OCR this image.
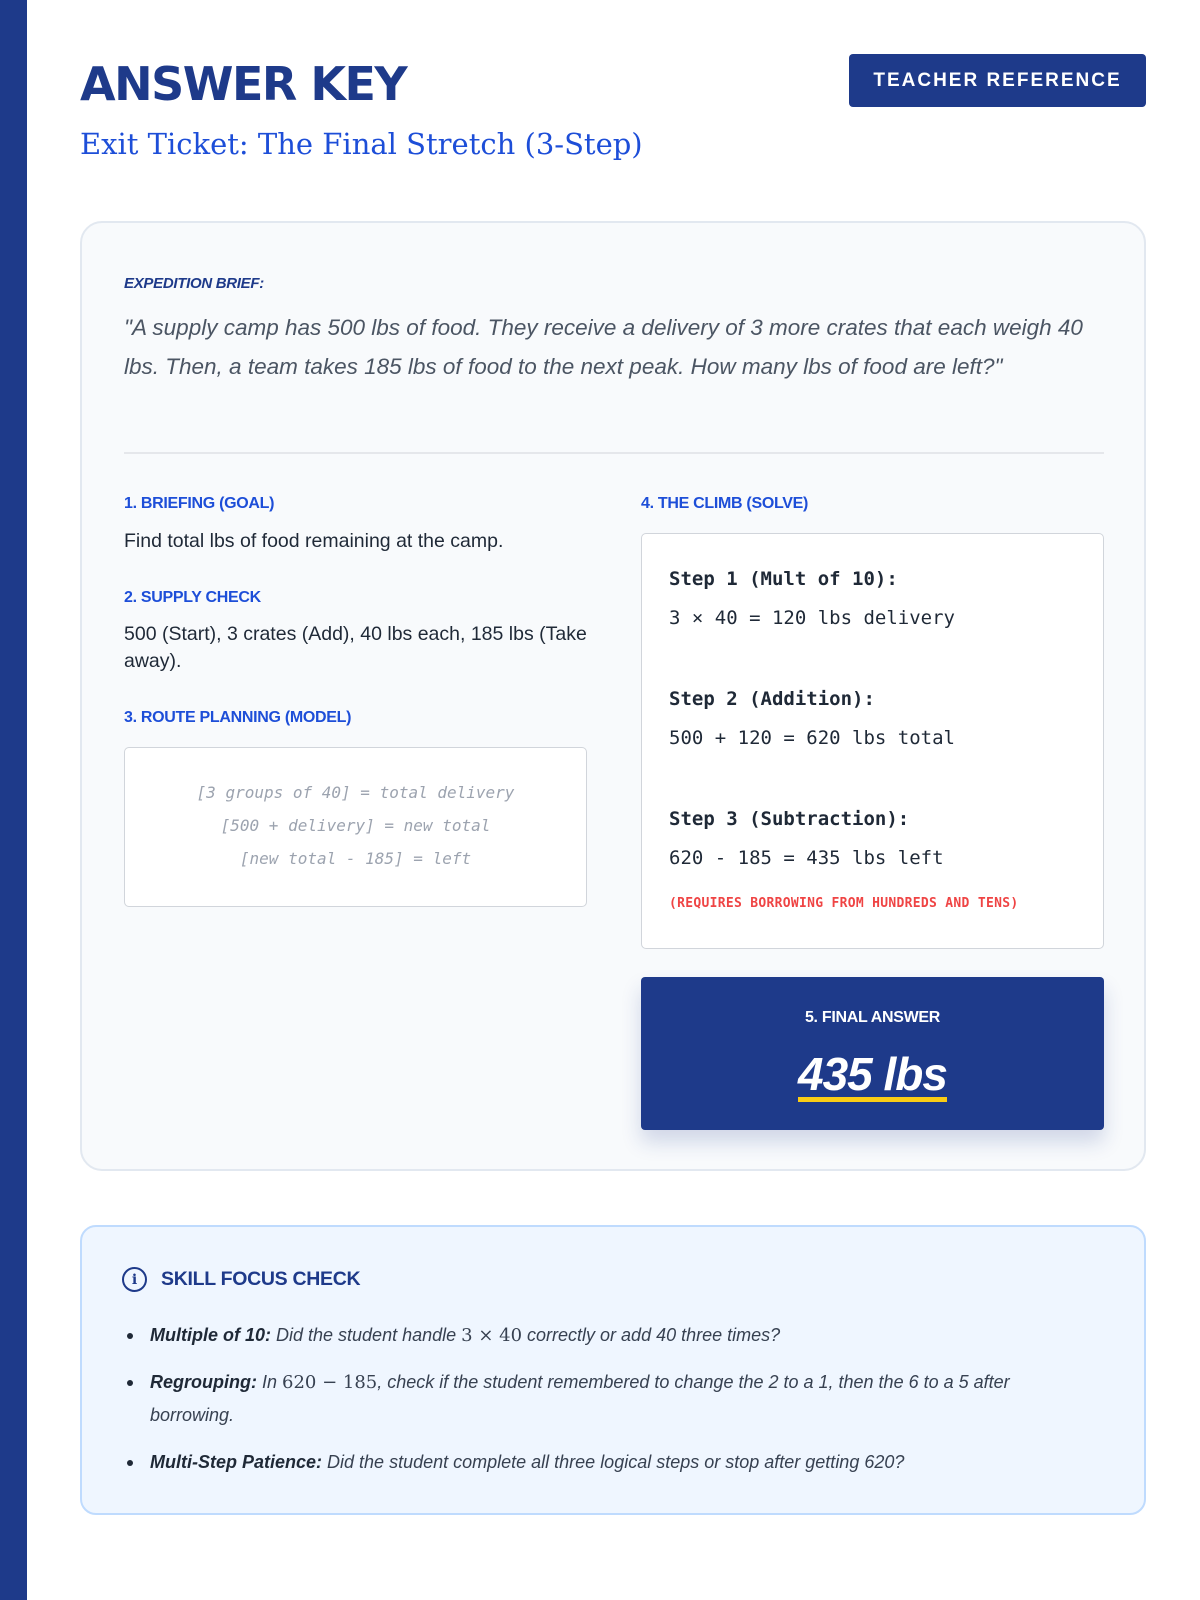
ANSWER KEY
Exit Ticket: The Final Stretch (3-Step)
TEACHER REFERENCE
EXPEDITION BRIEF:
"A supply camp has 500 lbs of food. They receive a delivery of 3 more crates that each weigh 40 lbs. Then, a team takes 185 lbs of food to the next peak. How many lbs of food are left?"
1. BRIEFING (GOAL)
Find total lbs of food remaining at the camp.
2. SUPPLY CHECK
500 (Start), 3 crates (Add), 40 lbs each, 185 lbs (Take away).
3. ROUTE PLANNING (MODEL)
[3 groups of 40] = total delivery
[500 + delivery] = new total
[new total - 185] = left
4. THE CLIMB (SOLVE)
Step 1 (Mult of 10):
3 × 40 = 120 lbs delivery
Step 2 (Addition):
500 + 120 = 620 lbs total
Step 3 (Subtraction):
620 - 185 = 435 lbs left
(REQUIRES BORROWING FROM HUNDREDS AND TENS)
5. FINAL ANSWER
435 lbs
i	SKILL FOCUS CHECK
Multiple of 10: Did the student handle 3 × 40 correctly or add 40 three times?
Regrouping: In 620 − 185, check if the student remembered to change the 2 to a 1, then the 6 to a 5 after borrowing.
Multi-Step Patience: Did the student complete all three logical steps or stop after getting 620?
